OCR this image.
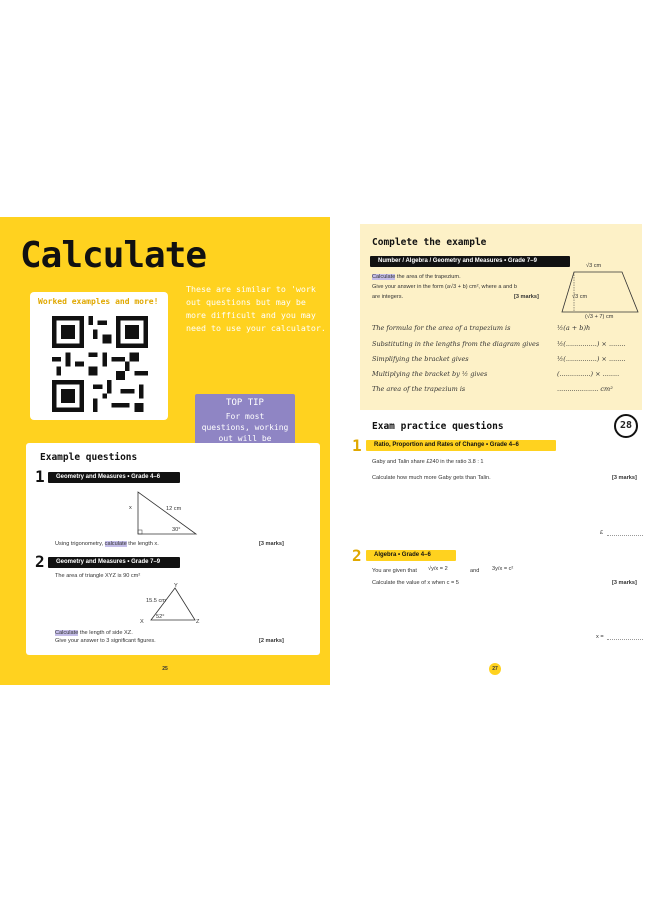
Calculate
These are similar to 'work out questions but may be more difficult and you may need to use your calculator.
Worked examples and more!
TOP TIP
For most questions, working out will be
Example questions
1	Geometry and Measures • Grade 4–6
x	12 cm
30°
Using trigonometry, calculate the length x.	[3 marks]
2	Geometry and Measures • Grade 7–9
The area of triangle XYZ is 90 cm²
Y
X	Z
15.5 cm
52°
Calculate the length of side XZ.
Give your answer to 3 significant figures.	[2 marks]
25
Complete the example
Number / Algebra / Geometry and Measures • Grade 7–9
Calculate the area of the trapezium.
Give your answer in the form (a√3 + b) cm², where a and b
are integers.	[3 marks]
√3 cm
√3 cm
(√3 + 7) cm
The formula for the area of a trapezium is	½(a + b)h
Substituting in the lengths from the diagram gives	½(...............) × ........
Simplifying the bracket gives	½(...............) × ........
Multiplying the bracket by ½ gives	(...............) × ........
The area of the trapezium is	.................... cm²
Exam practice questions	28
1	Ratio, Proportion and Rates of Change • Grade 4–6
Gaby and Talin share £240 in the ratio 3.8 : 1
Calculate how much more Gaby gets than Talin.	[3 marks]
£
2	Algebra • Grade 4–6
You are given that √y/x = 2	and 3y/x = c²
Calculate the value of x when c = 5	[3 marks]
x =
27
